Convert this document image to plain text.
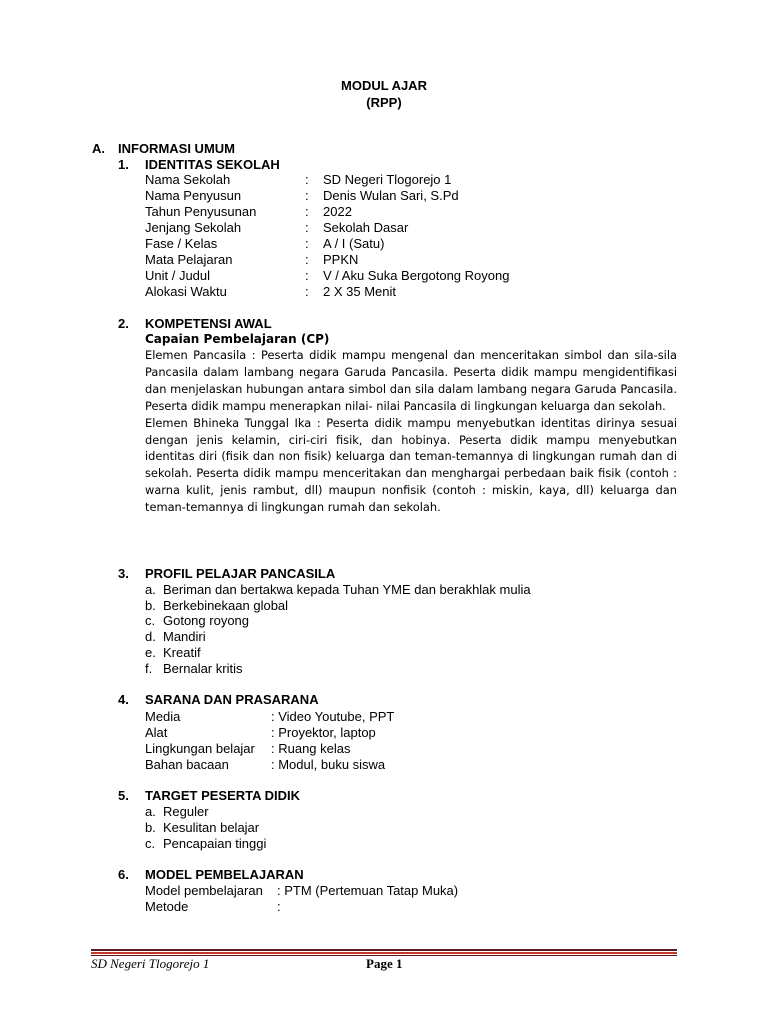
MODUL AJAR
(RPP)
A. INFORMASI UMUM
1. IDENTITAS SEKOLAH
Nama Sekolah	: SD Negeri Tlogorejo 1
Nama Penyusun	: Denis Wulan Sari, S.Pd
Tahun Penyusunan	: 2022
Jenjang Sekolah	: Sekolah Dasar
Fase / Kelas	: A / I (Satu)
Mata Pelajaran	: PPKN
Unit / Judul	: V / Aku Suka Bergotong Royong
Alokasi Waktu	: 2 X 35 Menit
2. KOMPETENSI AWAL
Capaian Pembelajaran (CP)

Elemen Pancasila : Peserta didik mampu mengenal dan menceritakan simbol dan sila-sila Pancasila dalam lambang negara Garuda Pancasila. Peserta didik mampu mengidentifikasi dan menjelaskan hubungan antara simbol dan sila dalam lambang negara Garuda Pancasila. Peserta didik mampu menerapkan nilai- nilai Pancasila di lingkungan keluarga dan sekolah.

Elemen Bhineka Tunggal Ika : Peserta didik mampu menyebutkan identitas dirinya sesuai dengan jenis kelamin, ciri-ciri fisik, dan hobinya. Peserta didik mampu menyebutkan identitas diri (fisik dan non fisik) keluarga dan teman-temannya di lingkungan rumah dan di sekolah. Peserta didik mampu menceritakan dan menghargai perbedaan baik fisik (contoh : warna kulit, jenis rambut, dll) maupun nonfisik (contoh : miskin, kaya, dll) keluarga dan teman-temannya di lingkungan rumah dan sekolah.

3. PROFIL PELAJAR PANCASILA
a. Beriman dan bertakwa kepada Tuhan YME dan berakhlak mulia
b. Berkebinekaan global
c. Gotong royong
d. Mandiri
e. Kreatif
f. Bernalar kritis
4. SARANA DAN PRASARANA
Media	: Video Youtube, PPT
Alat	: Proyektor, laptop
Lingkungan belajar : Ruang kelas
Bahan bacaan	: Modul, buku siswa
5. TARGET PESERTA DIDIK
a. Reguler
b. Kesulitan belajar
c. Pencapaian tinggi
6. MODEL PEMBELAJARAN
Model pembelajaran : PTM (Pertemuan Tatap Muka)
Metode	:
SD Negeri Tlogorejo 1	Page 1
